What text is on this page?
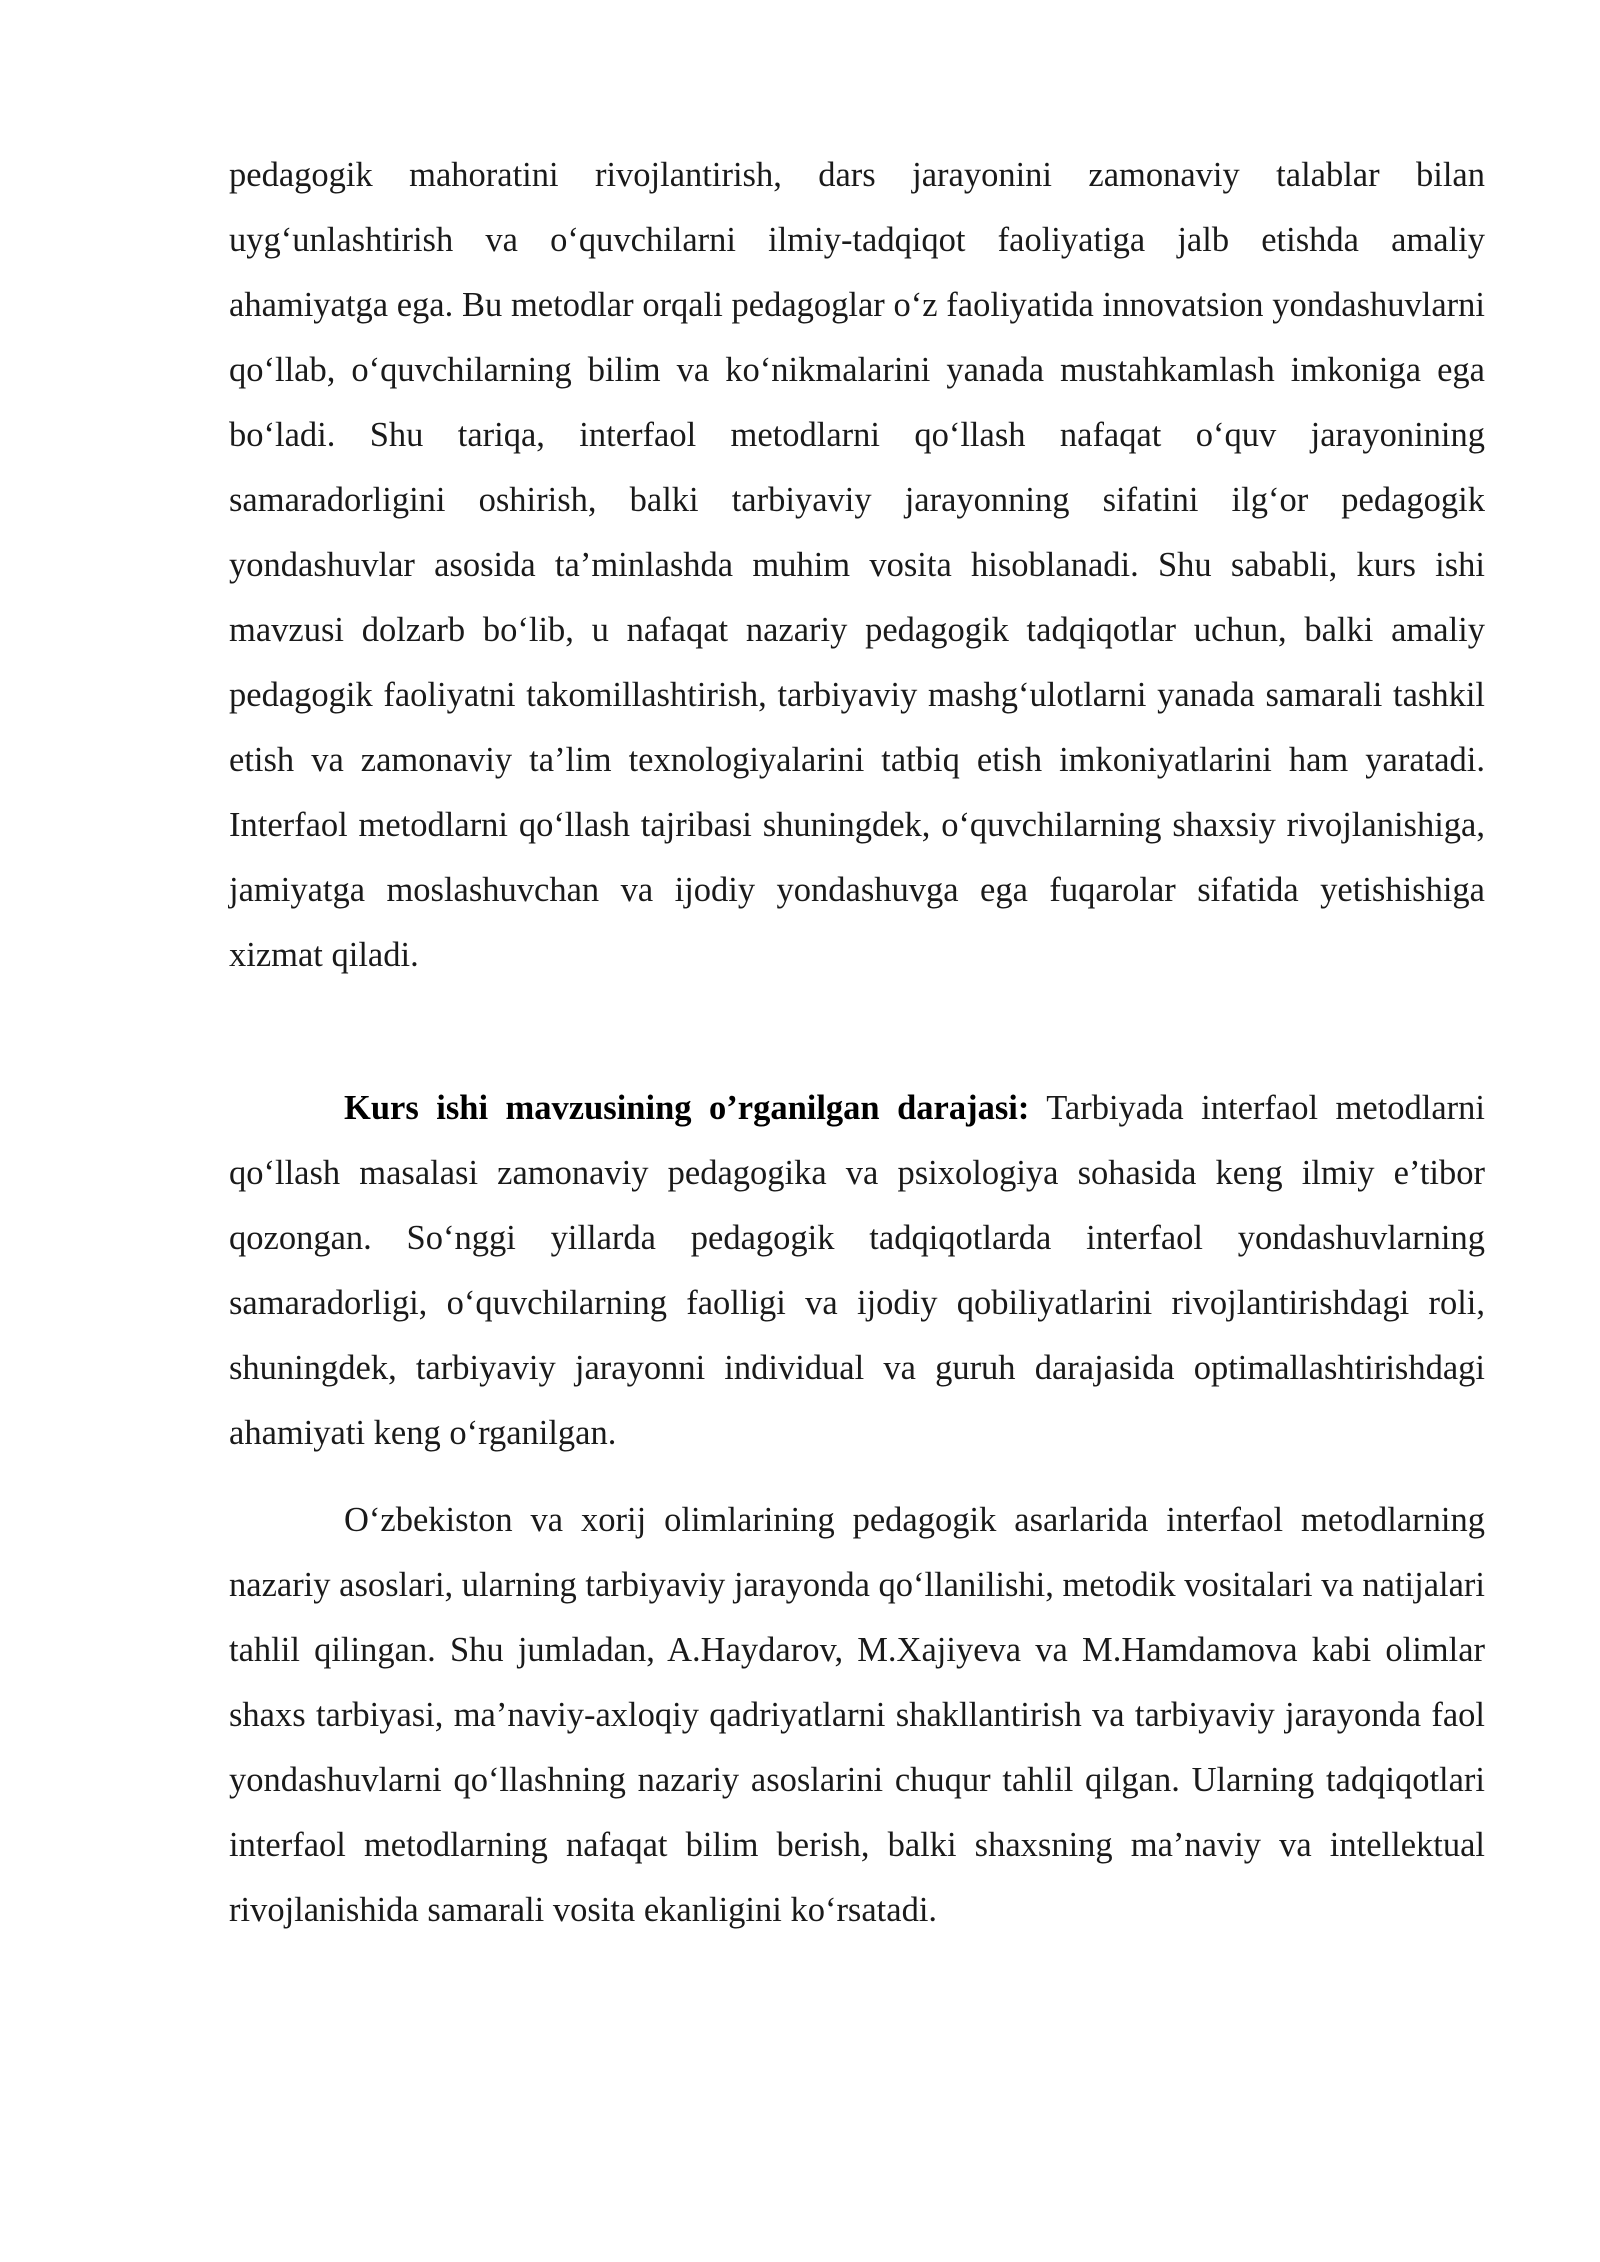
pedagogik mahoratini rivojlantirish, dars jarayonini zamonaviy talablar bilan uyg‘unlashtirish va o‘quvchilarni ilmiy-tadqiqot faoliyatiga jalb etishda amaliy ahamiyatga ega. Bu metodlar orqali pedagoglar o‘z faoliyatida innovatsion yondashuvlarni qo‘llab, o‘quvchilarning bilim va ko‘nikmalarini yanada mustahkamlash imkoniga ega bo‘ladi. Shu tariqa, interfaol metodlarni qo‘llash nafaqat o‘quv jarayonining samaradorligini oshirish, balki tarbiyaviy jarayonning sifatini ilg‘or pedagogik yondashuvlar asosida ta’minlashda muhim vosita hisoblanadi. Shu sababli, kurs ishi mavzusi dolzarb bo‘lib, u nafaqat nazariy pedagogik tadqiqotlar uchun, balki amaliy pedagogik faoliyatni takomillashtirish, tarbiyaviy mashg‘ulotlarni yanada samarali tashkil etish va zamonaviy ta’lim texnologiyalarini tatbiq etish imkoniyatlarini ham yaratadi. Interfaol metodlarni qo‘llash tajribasi shuningdek, o‘quvchilarning shaxsiy rivojlanishiga, jamiyatga moslashuvchan va ijodiy yondashuvga ega fuqarolar sifatida yetishishiga xizmat qiladi.

Kurs ishi mavzusining o’rganilgan darajasi: Tarbiyada interfaol metodlarni qo‘llash masalasi zamonaviy pedagogika va psixologiya sohasida keng ilmiy e’tibor qozongan. So‘nggi yillarda pedagogik tadqiqotlarda interfaol yondashuvlarning samaradorligi, o‘quvchilarning faolligi va ijodiy qobiliyatlarini rivojlantirishdagi roli, shuningdek, tarbiyaviy jarayonni individual va guruh darajasida optimallashtirishdagi ahamiyati keng o‘rganilgan.

O‘zbekiston va xorij olimlarining pedagogik asarlarida interfaol metodlarning nazariy asoslari, ularning tarbiyaviy jarayonda qo‘llanilishi, metodik vositalari va natijalari tahlil qilingan. Shu jumladan, A.Haydarov, M.Xajiyeva va M.Hamdamova kabi olimlar shaxs tarbiyasi, ma’naviy-axloqiy qadriyatlarni shakllantirish va tarbiyaviy jarayonda faol yondashuvlarni qo‘llashning nazariy asoslarini chuqur tahlil qilgan. Ularning tadqiqotlari interfaol metodlarning nafaqat bilim berish, balki shaxsning ma’naviy va intellektual rivojlanishida samarali vosita ekanligini ko‘rsatadi.
